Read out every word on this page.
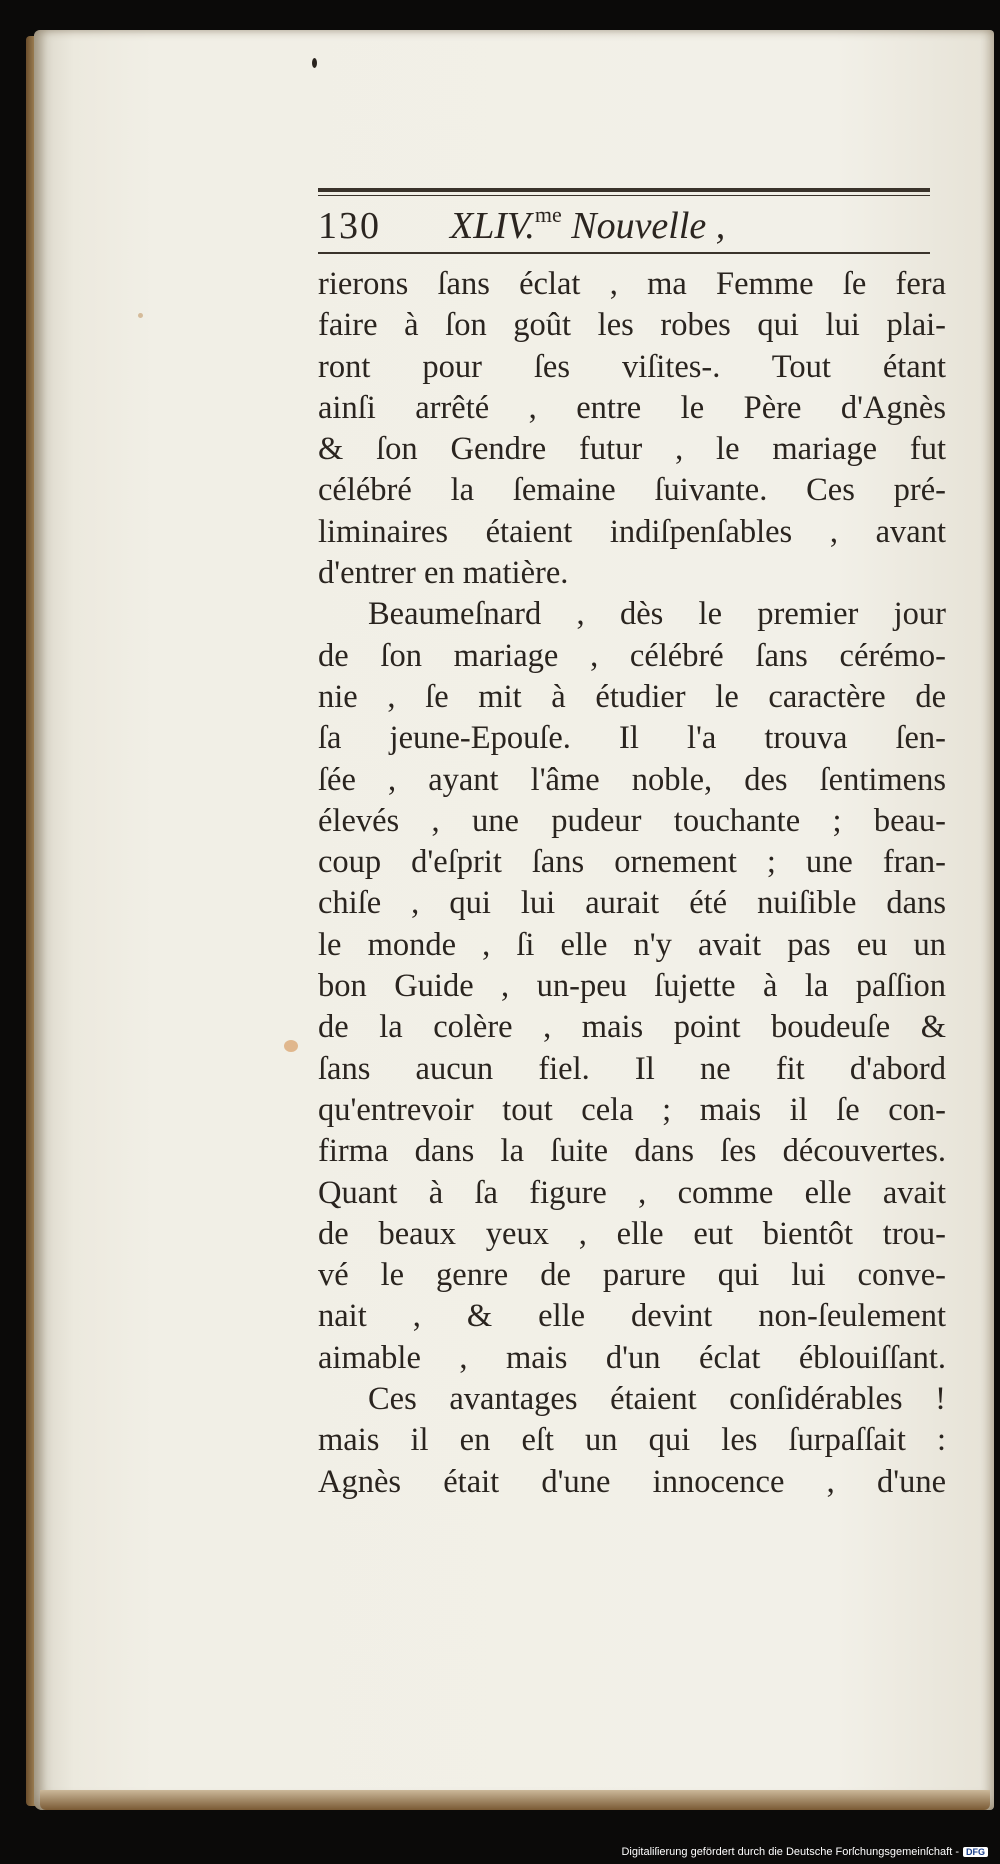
130 XLIV.$^{me}$ Nouvelle ,
rierons ſans éclat , ma Femme ſe fera
faire à ſon goût les robes qui lui plai-
ront pour ſes viſites-. Tout étant
ainſi arrêté , entre le Père d'Agnès
& ſon Gendre futur , le mariage fut
célébré la ſemaine ſuivante. Ces pré-
liminaires étaient indiſpenſables , avant
d'entrer en matière.
Beaumeſnard , dès le premier jour
de ſon mariage , célébré ſans cérémo-
nie , ſe mit à étudier le caractère de
ſa jeune-Epouſe. Il l'a trouva ſen-
ſée , ayant l'âme noble, des ſentimens
élevés , une pudeur touchante ; beau-
coup d'eſprit ſans ornement ; une fran-
chiſe , qui lui aurait été nuiſible dans
le monde , ſi elle n'y avait pas eu un
bon Guide , un-peu ſujette à la paſſion
de la colère , mais point boudeuſe &
ſans aucun fiel. Il ne fit d'abord
qu'entrevoir tout cela ; mais il ſe con-
firma dans la ſuite dans ſes découvertes.
Quant à ſa figure , comme elle avait
de beaux yeux , elle eut bientôt trou-
vé le genre de parure qui lui conve-
nait , & elle devint non-ſeulement
aimable , mais d'un éclat éblouiſſant.
Ces avantages étaient conſidérables !
mais il en eſt un qui les ſurpaſſait :
Agnès était d'une innocence , d'une
Digitaliſierung gefördert durch die Deutsche Forſchungsgemeinſchaft - DFG
